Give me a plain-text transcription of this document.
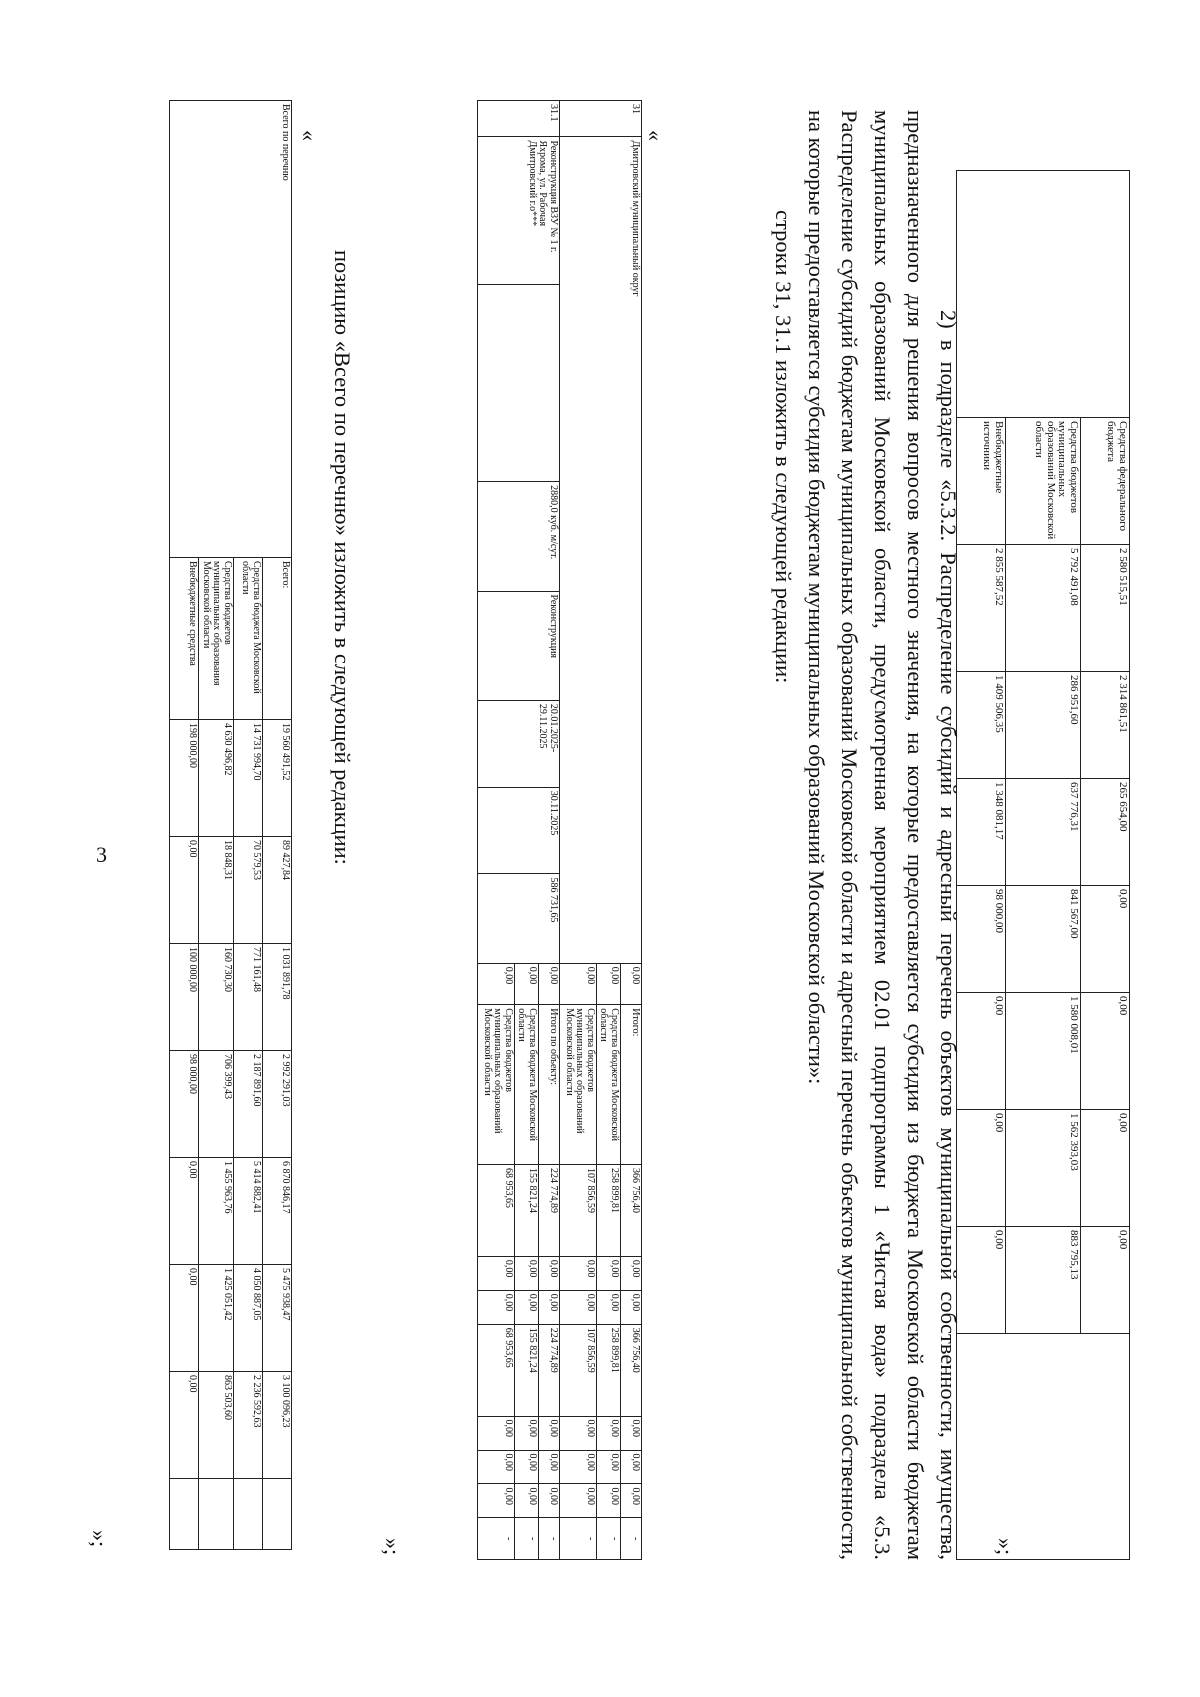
3
	Средства федерального бюджета	2 580 515,51	2 314 861,51	265 654,00	0,00	0,00	0,00	0,00	
	Средства бюджетов муниципальных образований Московской области	5 792 491,08	286 951,60	637 776,31	841 567,00	1 580 008,01	1 562 393,03	883 795,13	
	Внебюджетные источники	2 855 587,52	1 409 506,35	1 348 081,17	98 000,00	0,00	0,00	0,00	
»;
2) в подразделе «5.3.2. Распределение субсидий и адресный перечень объектов муниципальной собственности, имущества, предназначенного для решения вопросов местного значения, на которые предоставляется субсидия из бюджета Московской области бюджетам муниципальных образований Московской области, предусмотренная мероприятием 02.01 подпрограммы 1 «Чистая вода» подраздела «5.3. Распределение субсидий бюджетам муниципальных образований Московской области и адресный перечень объектов муниципальной собственности, на которые предоставляется субсидия бюджетам муниципальных образований Московской области»:
строки 31, 31.1 изложить в следующей редакции:
«
31	Дмитровский муниципальный округ							0,00	Итого:	366 756,40	0,00	0,00	366 756,40	0,00	0,00	0,00	-
								0,00	Средства бюджета Московской области	258 899,81	0,00	0,00	258 899,81	0,00	0,00	0,00	-
								0,00	Средства бюджетов муниципальных образований Московской области	107 856,59	0,00	0,00	107 856,59	0,00	0,00	0,00	-
31.1	Реконструкция ВЗУ № 1 г. Яхрома, ул. Рабочая Дмитровский г.о***		2880,0 куб. м/сут.	Реконструкция	20.01.2025-29.11.2025	30.11.2025	586 731,65	0,00	Итого по объекту:	224 774,89	0,00	0,00	224 774,89	0,00	0,00	0,00	-
								0,00	Средства бюджета Московской области	155 821,24	0,00	0,00	155 821,24	0,00	0,00	0,00	-
								0,00	Средства бюджетов муниципальных образований Московской области	68 953,65	0,00	0,00	68 953,65	0,00	0,00	0,00	-
»;
позицию «Всего по перечню» изложить в следующей редакции:
«
Всего по перечню	Всего:	19 560 491,52	89 427,84	1 031 891,78	2 992 291,03	6 870 846,17	5 475 938,47	3 100 096,23	
	Средства бюджета Московской области	14 731 994,70	70 579,53	771 161,48	2 187 891,60	5 414 882,41	4 050 887,05	2 236 592,63	
	Средства бюджетов муниципальных образования Московской области	4 630 496,82	18 848,31	160 730,30	706 399,43	1 455 963,76	1 425 051,42	863 503,60	
	Внебюджетные средства	198 000,00	0,00	100 000,00	98 000,00	0,00	0,00	0,00	
»;
